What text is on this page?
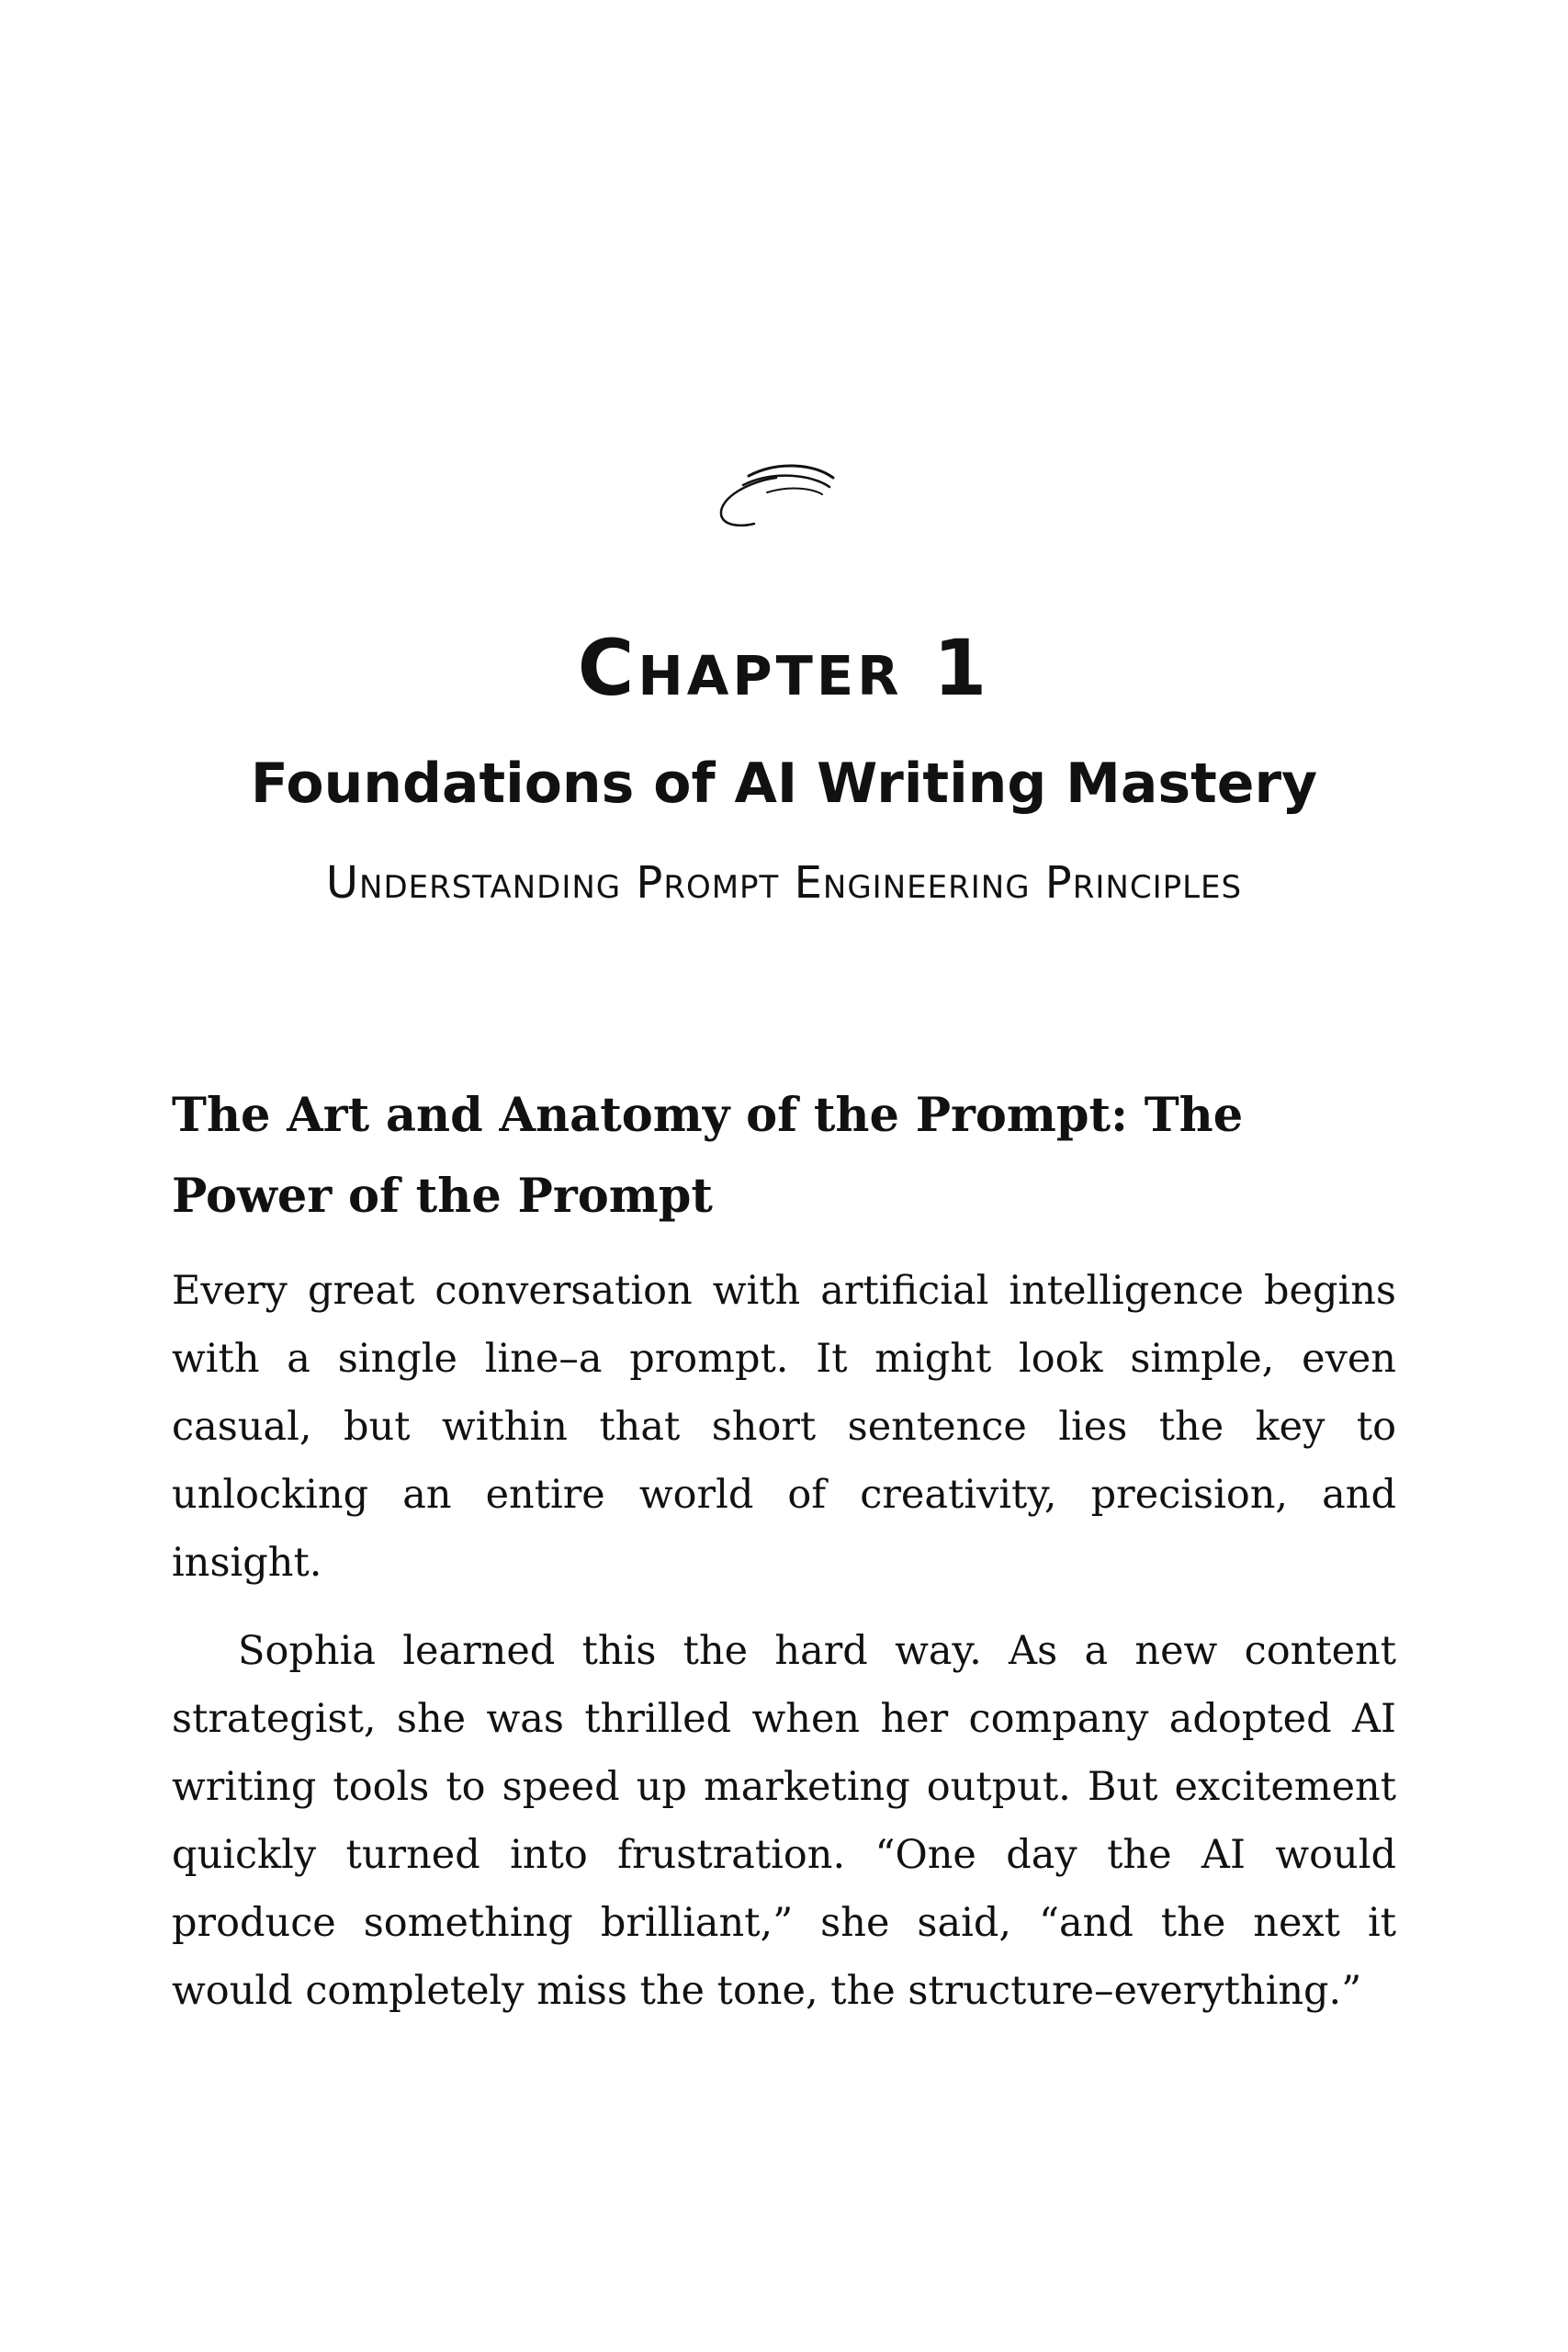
Chapter 1
Foundations of AI Writing Mastery
Understanding Prompt Engineering Principles
The Art and Anatomy of the Prompt: The Power of the Prompt

Every great conversation with artificial intelligence begins with a single line–a prompt. It might look simple, even casual, but within that short sentence lies the key to unlocking an entire world of creativity, precision, and insight.

Sophia learned this the hard way. As a new content strategist, she was thrilled when her company adopted AI writing tools to speed up marketing output. But excitement quickly turned into frustration. “One day the AI would produce something brilliant,” she said, “and the next it would completely miss the tone, the structure–everything.”
